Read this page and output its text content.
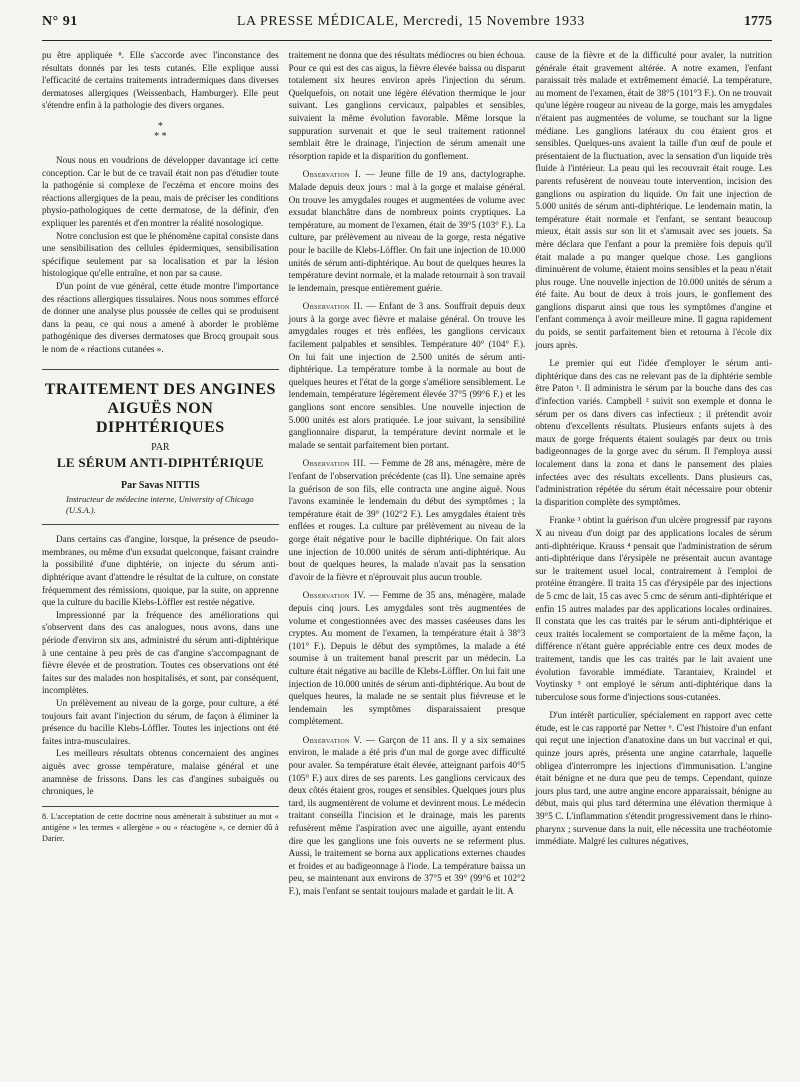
N° 91	LA PRESSE MÉDICALE, Mercredi, 15 Novembre 1933	1775

pu être appliquée ⁸. Elle s'accorde avec l'inconstance des résultats donnés par les tests cutanés. Elle explique aussi l'efficacité de certains traitements intradermiques dans diverses dermatoses allergiques (Weissenbach, Hamburger). Elle peut s'étendre enfin à la pathologie des divers organes.

*
* *

Nous nous en voudrions de développer davantage ici cette conception. Car le but de ce travail était non pas d'étudier toute la pathogénie si complexe de l'eczéma et encore moins des réactions allergiques de la peau, mais de préciser les conditions physio-pathologiques de cette dermatose, de la définir, d'en expliquer les parentés et d'en montrer la réalité nosologique.

Notre conclusion est que le phénomène capital consiste dans une sensibilisation des cellules épidermiques, sensibilisation spécifique seulement par sa localisation et par la lésion histologique qu'elle entraîne, et non par sa cause.

D'un point de vue général, cette étude montre l'importance des réactions allergiques tissulaires. Nous nous sommes efforcé de donner une analyse plus poussée de celles qui se produisent dans la peau, ce qui nous a amené à aborder le problème pathogénique des diverses dermatoses que Brocq groupait sous le nom de « réactions cutanées ».

TRAITEMENT DES ANGINES AIGUËS NON DIPHTÉRIQUES
PAR
LE SÉRUM ANTI-DIPHTÉRIQUE
Par Savas NITTIS
Instructeur de médecine interne, University of Chicago (U.S.A.).

Dans certains cas d'angine, lorsque, la présence de pseudo-membranes, ou même d'un exsudat quelconque, faisant craindre la possibilité d'une diphtérie, on injecte du sérum anti-diphtérique avant d'attendre le résultat de la culture, on constate fréquemment des rémissions, quoique, par la suite, on apprenne que la culture du bacille Klebs-Löffler est restée négative.

Impressionné par la fréquence des améliorations qui s'observent dans des cas analogues, nous avons, dans une période d'environ six ans, administré du sérum anti-diphtérique à une centaine à peu près de cas d'angine s'accompagnant de fièvre élevée et de prostration. Toutes ces observations ont été faites sur des malades non hospitalisés, et sont, par conséquent, incomplètes.

Un prélèvement au niveau de la gorge, pour culture, a été toujours fait avant l'injection du sérum, de façon à éliminer la présence du bacille Klebs-Löffler. Toutes les injections ont été faites intra-musculaires.

Les meilleurs résultats obtenus concernaient des angines aiguës avec grosse température, malaise général et une anamnèse de frissons. Dans les cas d'angines subaiguës ou chroniques, le

8. L'acceptation de cette doctrine nous amènerait à substituer au mot « antigène » les termes « allergène » ou « réactogène », ce dernier dû à Darier.

traitement ne donna que des résultats médiocres ou bien échoua. Pour ce qui est des cas aigus, la fièvre élevée baissa ou disparut totalement six heures environ après l'injection du sérum. Quelquefois, on notait une légère élévation thermique le jour suivant. Les ganglions cervicaux, palpables et sensibles, suivaient la même évolution favorable. Même lorsque la suppuration survenait et que le seul traitement rationnel semblait être le drainage, l'injection de sérum amenait une résorption rapide et la disparition du gonflement.

Observation I. — Jeune fille de 19 ans, dactylographe. Malade depuis deux jours : mal à la gorge et malaise général. On trouve les amygdales rouges et augmentées de volume avec exsudat blanchâtre dans de nombreux points cryptiques. La température, au moment de l'examen, était de 39°5 (103° F.). La culture, par prélèvement au niveau de la gorge, resta négative pour le bacille de Klebs-Löffler. On fait une injection de 10.000 unités de sérum anti-diphtérique. Au bout de quelques heures la température devint normale, et la malade retournait à son travail le lendemain, presque entièrement guérie.

Observation II. — Enfant de 3 ans. Souffrait depuis deux jours à la gorge avec fièvre et malaise général. On trouve les amygdales rouges et très enflées, les ganglions cervicaux facilement palpables et sensibles. Température 40° (104° F.). On lui fait une injection de 2.500 unités de sérum anti-diphtérique. La température tombe à la normale au bout de quelques heures et l'état de la gorge s'améliore sensiblement. Le lendemain, température légèrement élevée 37°5 (99°6 F.) et les ganglions sont encore sensibles. Une nouvelle injection de 5.000 unités est alors pratiquée. Le jour suivant, la sensibilité ganglionnaire disparut, la température devint normale et le malade se sentait parfaitement bien portant.

Observation III. — Femme de 28 ans, ménagère, mère de l'enfant de l'observation précédente (cas II). Une semaine après la guérison de son fils, elle contracta une angine aiguë. Nous l'avons examinée le lendemain du début des symptômes ; la température était de 39° (102°2 F.). Les amygdales étaient très enflées et rouges. La culture par prélèvement au niveau de la gorge était négative pour le bacille diphtérique. On fait alors une injection de 10.000 unités de sérum anti-diphtérique. Au bout de quelques heures, la malade n'avait pas la sensation d'avoir de la fièvre et n'éprouvait plus aucun trouble.

Observation IV. — Femme de 35 ans, ménagère, malade depuis cinq jours. Les amygdales sont très augmentées de volume et congestionnées avec des masses caséeuses dans les cryptes. Au moment de l'examen, la température était à 38°3 (101° F.). Depuis le début des symptômes, la malade a été soumise à un traitement banal prescrit par un médecin. La culture était négative au bacille de Klebs-Löffler. On lui fait une injection de 10.000 unités de sérum anti-diphtérique. Au bout de quelques heures, la malade ne se sentait plus fiévreuse et le lendemain les symptômes disparaissaient presque complètement.

Observation V. — Garçon de 11 ans. Il y a six semaines environ, le malade a été pris d'un mal de gorge avec difficulté pour avaler. Sa température était élevée, atteignant parfois 40°5 (105° F.) aux dires de ses parents. Les ganglions cervicaux des deux côtés étaient gros, rouges et sensibles. Quelques jours plus tard, ils augmentèrent de volume et devinrent mous. Le médecin traitant conseilla l'incision et le drainage, mais les parents refusèrent même l'aspiration avec une aiguille, ayant entendu dire que les ganglions une fois ouverts ne se referment plus. Aussi, le traitement se borna aux applications externes chaudes et froides et au badigeonnage à l'iode. La température baissa un peu, se maintenant aux environs de 37°5 et 39° (99°6 et 102°2 F.), mais l'enfant se sentait toujours malade et gardait le lit. A

cause de la fièvre et de la difficulté pour avaler, la nutrition générale était gravement altérée. A notre examen, l'enfant paraissait très malade et extrêmement émacié. La température, au moment de l'examen, était de 38°5 (101°3 F.). On ne trouvait qu'une légère rougeur au niveau de la gorge, mais les amygdales n'étaient pas augmentées de volume, se touchant sur la ligne médiane. Les ganglions latéraux du cou étaient gros et sensibles. Quelques-uns avaient la taille d'un œuf de poule et présentaient de la fluctuation, avec la sensation d'un liquide très fluide à l'intérieur. La peau qui les recouvrait était rouge. Les parents refusèrent de nouveau toute intervention, incision des ganglions ou aspiration du liquide. On fait une injection de 5.000 unités de sérum anti-diphtérique. Le lendemain matin, la température était normale et l'enfant, se sentant beaucoup mieux, était assis sur son lit et s'amusait avec ses jouets. Sa mère déclara que l'enfant a pour la première fois depuis qu'il était malade a pu manger quelque chose. Les ganglions diminuèrent de volume, étaient moins sensibles et la peau n'était plus rouge. Une nouvelle injection de 10.000 unités de sérum a été faite. Au bout de deux à trois jours, le gonflement des ganglions disparut ainsi que tous les symptômes d'angine et l'enfant commença à avoir meilleure mine. Il gagna rapidement du poids, se sentit parfaitement bien et retourna à l'école dix jours après.

Le premier qui eut l'idée d'employer le sérum anti-diphtérique dans des cas ne relevant pas de la diphtérie semble être Paton ¹. Il administra le sérum par la bouche dans des cas d'infection variés. Campbell ² suivit son exemple et donna le sérum per os dans divers cas infectieux ; il prétendit avoir obtenu d'excellents résultats. Plusieurs enfants sujets à des maux de gorge fréquents étaient soulagés par deux ou trois badigeonnages de la gorge avec du sérum. Il l'employa aussi localement dans la zona et dans le pansement des plaies infectées avec des résultats excellents. Dans plusieurs cas, l'administration répétée du sérum était nécessaire pour obtenir la disparition complète des symptômes.

Franke ³ obtint la guérison d'un ulcère progressif par rayons X au niveau d'un doigt par des applications locales de sérum anti-diphtérique. Krauss ⁴ pensait que l'administration de sérum anti-diphtérique dans l'érysipèle ne présentait aucun avantage sur le traitement usuel local, contrairement à l'emploi de protéine étrangère. Il traita 15 cas d'érysipèle par des injections de 5 cmc de lait, 15 cas avec 5 cmc de sérum anti-diphtérique et enfin 15 autres malades par des applications locales ordinaires. Il constata que les cas traités par le sérum anti-diphtérique et ceux traités localement se comportaient de la même façon, la différence n'étant guère appréciable entre ces deux modes de traitement, tandis que les cas traités par le lait avaient une évolution favorable immédiate. Tarantaiev, Kraindel et Voytinsky ⁵ ont employé le sérum anti-diphtérique dans la tuberculose sous forme d'injections sous-cutanées.

D'un intérêt particulier, spécialement en rapport avec cette étude, est le cas rapporté par Netter ⁶. C'est l'histoire d'un enfant qui reçut une injection d'anatoxine dans un but vaccinal et qui, quinze jours après, présenta une angine catarrhale, laquelle obligea d'interrompre les injections d'immunisation. L'angine était bénigne et ne dura que peu de temps. Cependant, quinze jours plus tard, une autre angine encore apparaissait, bénigne au début, mais qui plus tard détermina une élévation thermique à 39°5 C. L'inflammation s'étendit progressivement dans le rhino-pharynx ; survenue dans la nuit, elle nécessita une trachéotomie immédiate. Malgré les cultures négatives,
